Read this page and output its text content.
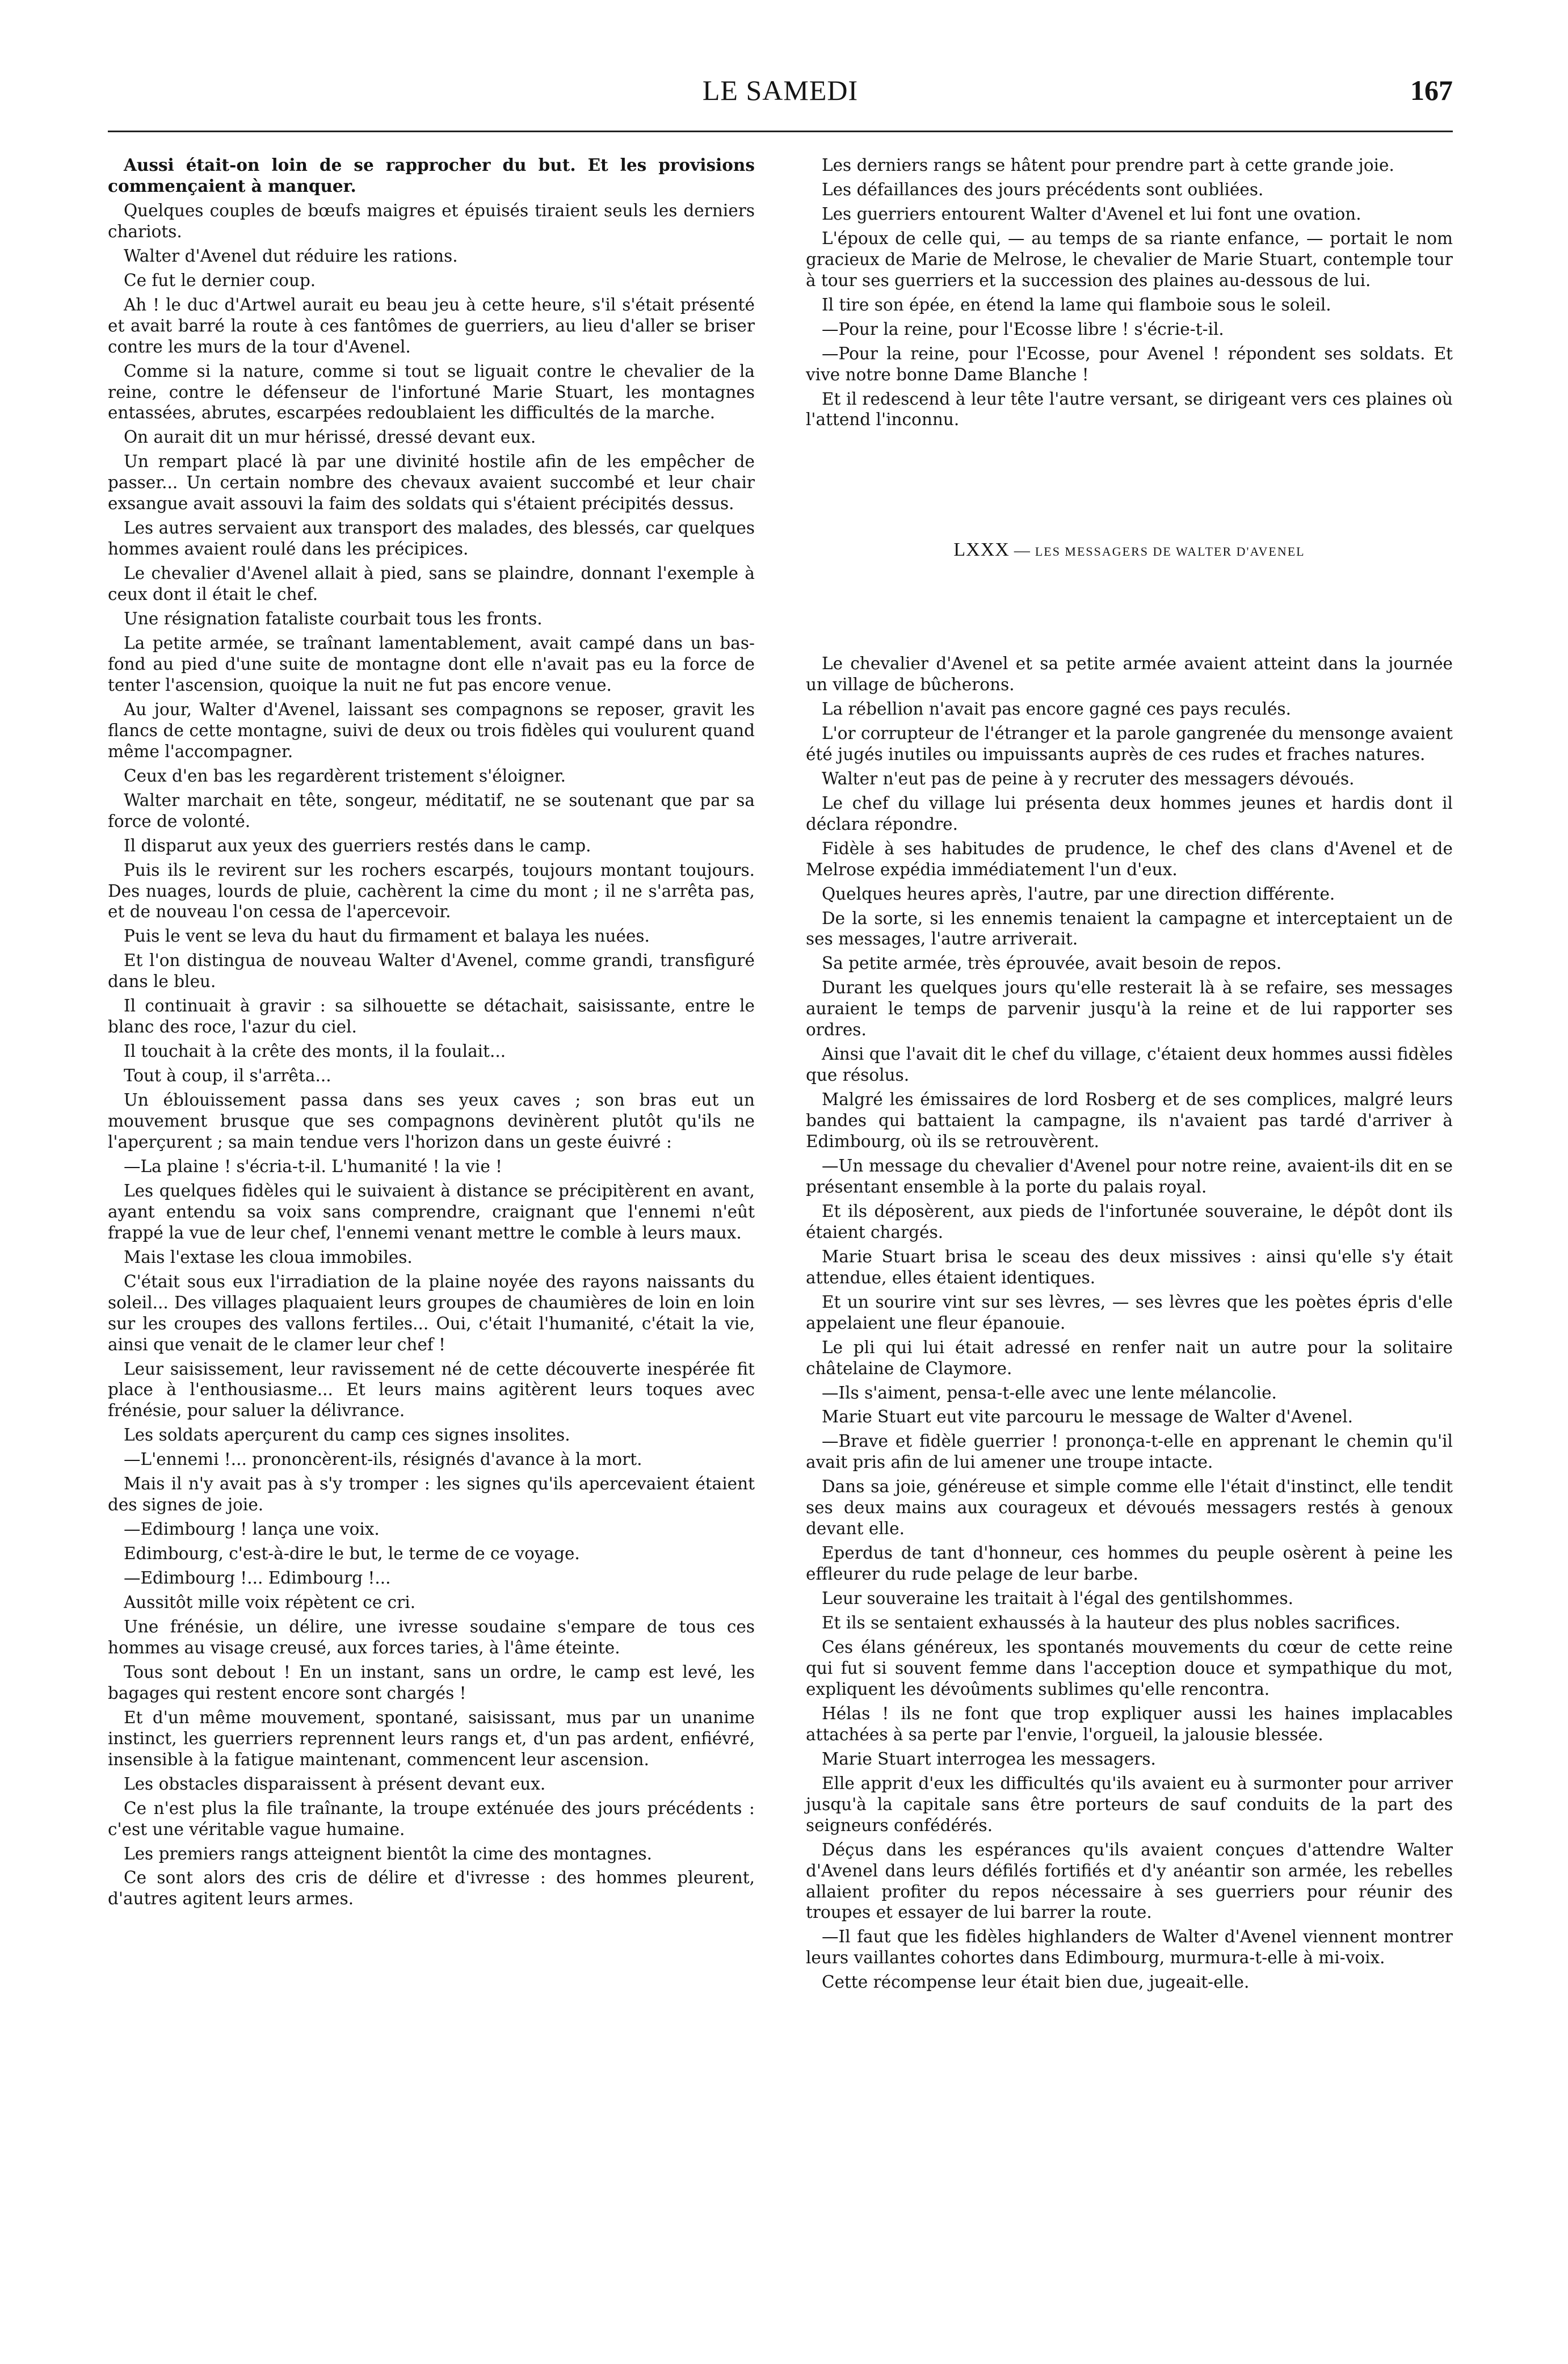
LE SAMEDI	167

Aussi était-on loin de se rapprocher du but. Et les provisions commençaient à manquer.

Quelques couples de bœufs maigres et épuisés tiraient seuls les derniers chariots.

Walter d'Avenel dut réduire les rations.

Ce fut le dernier coup.

Ah ! le duc d'Artwel aurait eu beau jeu à cette heure, s'il s'était présenté et avait barré la route à ces fantômes de guerriers, au lieu d'aller se briser contre les murs de la tour d'Avenel.

Comme si la nature, comme si tout se liguait contre le chevalier de la reine, contre le défenseur de l'infortuné Marie Stuart, les montagnes entassées, abrutes, escarpées redoublaient les difficultés de la marche.

On aurait dit un mur hérissé, dressé devant eux.

Un rempart placé là par une divinité hostile afin de les empêcher de passer... Un certain nombre des chevaux avaient succombé et leur chair exsangue avait assouvi la faim des soldats qui s'étaient précipités dessus.

Les autres servaient aux transport des malades, des blessés, car quelques hommes avaient roulé dans les précipices.

Le chevalier d'Avenel allait à pied, sans se plaindre, donnant l'exemple à ceux dont il était le chef.

Une résignation fataliste courbait tous les fronts.

La petite armée, se traînant lamentablement, avait campé dans un bas-fond au pied d'une suite de montagne dont elle n'avait pas eu la force de tenter l'ascension, quoique la nuit ne fut pas encore venue.

Au jour, Walter d'Avenel, laissant ses compagnons se reposer, gravit les flancs de cette montagne, suivi de deux ou trois fidèles qui voulurent quand même l'accompagner.

Ceux d'en bas les regardèrent tristement s'éloigner.

Walter marchait en tête, songeur, méditatif, ne se soutenant que par sa force de volonté.

Il disparut aux yeux des guerriers restés dans le camp.

Puis ils le revirent sur les rochers escarpés, toujours montant toujours. Des nuages, lourds de pluie, cachèrent la cime du mont ; il ne s'arrêta pas, et de nouveau l'on cessa de l'apercevoir.

Puis le vent se leva du haut du firmament et balaya les nuées.

Et l'on distingua de nouveau Walter d'Avenel, comme grandi, transfiguré dans le bleu.

Il continuait à gravir : sa silhouette se détachait, saisissante, entre le blanc des roce, l'azur du ciel.

Il touchait à la crête des monts, il la foulait...

Tout à coup, il s'arrêta...

Un éblouissement passa dans ses yeux caves ; son bras eut un mouvement brusque que ses compagnons devinèrent plutôt qu'ils ne l'aperçurent ; sa main tendue vers l'horizon dans un geste éuivré :

—La plaine ! s'écria-t-il. L'humanité ! la vie !

Les quelques fidèles qui le suivaient à distance se précipitèrent en avant, ayant entendu sa voix sans comprendre, craignant que l'ennemi n'eût frappé la vue de leur chef, l'ennemi venant mettre le comble à leurs maux.

Mais l'extase les cloua immobiles.

C'était sous eux l'irradiation de la plaine noyée des rayons naissants du soleil... Des villages plaquaient leurs groupes de chaumières de loin en loin sur les croupes des vallons fertiles... Oui, c'était l'humanité, c'était la vie, ainsi que venait de le clamer leur chef !

Leur saisissement, leur ravissement né de cette découverte inespérée fit place à l'enthousiasme... Et leurs mains agitèrent leurs toques avec frénésie, pour saluer la délivrance.

Les soldats aperçurent du camp ces signes insolites.

—L'ennemi !... prononcèrent-ils, résignés d'avance à la mort.

Mais il n'y avait pas à s'y tromper : les signes qu'ils apercevaient étaient des signes de joie.

—Edimbourg ! lança une voix.

Edimbourg, c'est-à-dire le but, le terme de ce voyage.

—Edimbourg !... Edimbourg !...

Aussitôt mille voix répètent ce cri.

Une frénésie, un délire, une ivresse soudaine s'empare de tous ces hommes au visage creusé, aux forces taries, à l'âme éteinte.

Tous sont debout ! En un instant, sans un ordre, le camp est levé, les bagages qui restent encore sont chargés !

Et d'un même mouvement, spontané, saisissant, mus par un unanime instinct, les guerriers reprennent leurs rangs et, d'un pas ardent, enfiévré, insensible à la fatigue maintenant, commencent leur ascension.

Les obstacles disparaissent à présent devant eux.

Ce n'est plus la file traînante, la troupe exténuée des jours précédents : c'est une véritable vague humaine.

Les premiers rangs atteignent bientôt la cime des montagnes.

Ce sont alors des cris de délire et d'ivresse : des hommes pleurent, d'autres agitent leurs armes.

Les derniers rangs se hâtent pour prendre part à cette grande joie.

Les défaillances des jours précédents sont oubliées.

Les guerriers entourent Walter d'Avenel et lui font une ovation.

L'époux de celle qui, — au temps de sa riante enfance, — portait le nom gracieux de Marie de Melrose, le chevalier de Marie Stuart, contemple tour à tour ses guerriers et la succession des plaines au-dessous de lui.

Il tire son épée, en étend la lame qui flamboie sous le soleil.

—Pour la reine, pour l'Ecosse libre ! s'écrie-t-il.

—Pour la reine, pour l'Ecosse, pour Avenel ! répondent ses soldats. Et vive notre bonne Dame Blanche !

Et il redescend à leur tête l'autre versant, se dirigeant vers ces plaines où l'attend l'inconnu.

LXXX — LES MESSAGERS DE WALTER D'AVENEL

Le chevalier d'Avenel et sa petite armée avaient atteint dans la journée un village de bûcherons.

La rébellion n'avait pas encore gagné ces pays reculés.

L'or corrupteur de l'étranger et la parole gangrenée du mensonge avaient été jugés inutiles ou impuissants auprès de ces rudes et fraches natures.

Walter n'eut pas de peine à y recruter des messagers dévoués.

Le chef du village lui présenta deux hommes jeunes et hardis dont il déclara répondre.

Fidèle à ses habitudes de prudence, le chef des clans d'Avenel et de Melrose expédia immédiatement l'un d'eux.

Quelques heures après, l'autre, par une direction différente.

De la sorte, si les ennemis tenaient la campagne et interceptaient un de ses messages, l'autre arriverait.

Sa petite armée, très éprouvée, avait besoin de repos.

Durant les quelques jours qu'elle resterait là à se refaire, ses messages auraient le temps de parvenir jusqu'à la reine et de lui rapporter ses ordres.

Ainsi que l'avait dit le chef du village, c'étaient deux hommes aussi fidèles que résolus.

Malgré les émissaires de lord Rosberg et de ses complices, malgré leurs bandes qui battaient la campagne, ils n'avaient pas tardé d'arriver à Edimbourg, où ils se retrouvèrent.

—Un message du chevalier d'Avenel pour notre reine, avaient-ils dit en se présentant ensemble à la porte du palais royal.

Et ils déposèrent, aux pieds de l'infortunée souveraine, le dépôt dont ils étaient chargés.

Marie Stuart brisa le sceau des deux missives : ainsi qu'elle s'y était attendue, elles étaient identiques.

Et un sourire vint sur ses lèvres, — ses lèvres que les poètes épris d'elle appelaient une fleur épanouie.

Le pli qui lui était adressé en renfer nait un autre pour la solitaire châtelaine de Claymore.

—Ils s'aiment, pensa-t-elle avec une lente mélancolie.

Marie Stuart eut vite parcouru le message de Walter d'Avenel.

—Brave et fidèle guerrier ! prononça-t-elle en apprenant le chemin qu'il avait pris afin de lui amener une troupe intacte.

Dans sa joie, généreuse et simple comme elle l'était d'instinct, elle tendit ses deux mains aux courageux et dévoués messagers restés à genoux devant elle.

Eperdus de tant d'honneur, ces hommes du peuple osèrent à peine les effleurer du rude pelage de leur barbe.

Leur souveraine les traitait à l'égal des gentilshommes.

Et ils se sentaient exhaussés à la hauteur des plus nobles sacrifices.

Ces élans généreux, les spontanés mouvements du cœur de cette reine qui fut si souvent femme dans l'acception douce et sympathique du mot, expliquent les dévoûments sublimes qu'elle rencontra.

Hélas ! ils ne font que trop expliquer aussi les haines implacables attachées à sa perte par l'envie, l'orgueil, la jalousie blessée.

Marie Stuart interrogea les messagers.

Elle apprit d'eux les difficultés qu'ils avaient eu à surmonter pour arriver jusqu'à la capitale sans être porteurs de sauf conduits de la part des seigneurs confédérés.

Déçus dans les espérances qu'ils avaient conçues d'attendre Walter d'Avenel dans leurs défilés fortifiés et d'y anéantir son armée, les rebelles allaient profiter du repos nécessaire à ses guerriers pour réunir des troupes et essayer de lui barrer la route.

—Il faut que les fidèles highlanders de Walter d'Avenel viennent montrer leurs vaillantes cohortes dans Edimbourg, murmura-t-elle à mi-voix.

Cette récompense leur était bien due, jugeait-elle.
